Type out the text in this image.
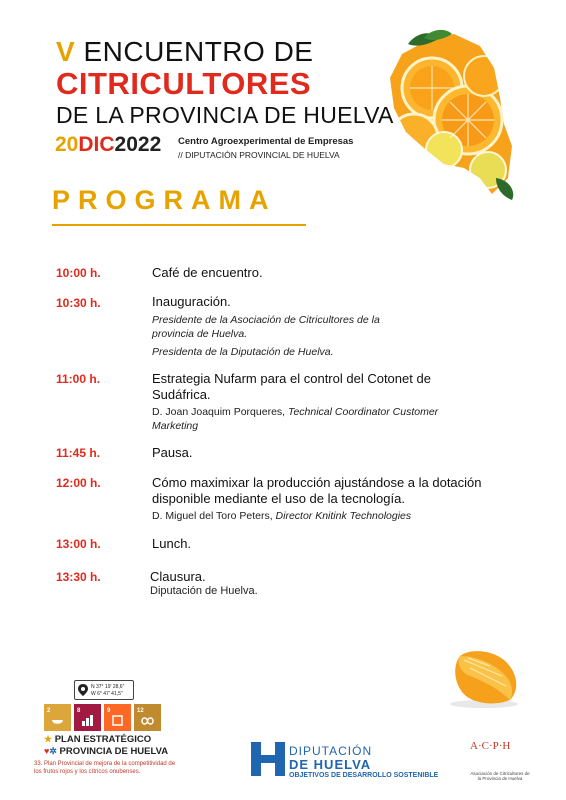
V ENCUENTRO DE
CITRICULTORES
DE LA PROVINCIA DE HUELVA
20DIC2022 Centro Agroexperimental de Empresas
// DIPUTACIÓN PROVINCIAL DE HUELVA
PROGRAMA
10:00 h.	Café de encuentro.
10:30 h.	Inauguración.
Presidente de la Asociación de Citricultores de la provincia de Huelva.
Presidenta de la Diputación de Huelva.
11:00 h.	Estrategia Nufarm para el control del Cotonet de Sudáfrica.
D. Joan Joaquim Porqueres, Technical Coordinator Customer Marketing
11:45 h.	Pausa.
12:00 h.	Cómo maximixar la producción ajustándose a la dotación disponible mediante el uso de la tecnología.
D. Miguel del Toro Peters, Director Knitink Technologies
13:00 h.	Lunch.
13:30 h.	Clausura.
Diputación de Huelva.
N 37° 19' 28,6"
W 6° 47' 41,5"
2	8	9	12
★ PLAN ESTRATÉGICO
♥✲ PROVINCIA DE HUELVA
33. Plan Provincial de mejora de la competitividad de los frutos rojos y los cítricos onubenses.
DIPUTACIÓN
DE HUELVA
OBJETIVOS DE DESARROLLO SOSTENIBLE
A·C·P·H
Asociación de Citricultores de la Provincia de Huelva
